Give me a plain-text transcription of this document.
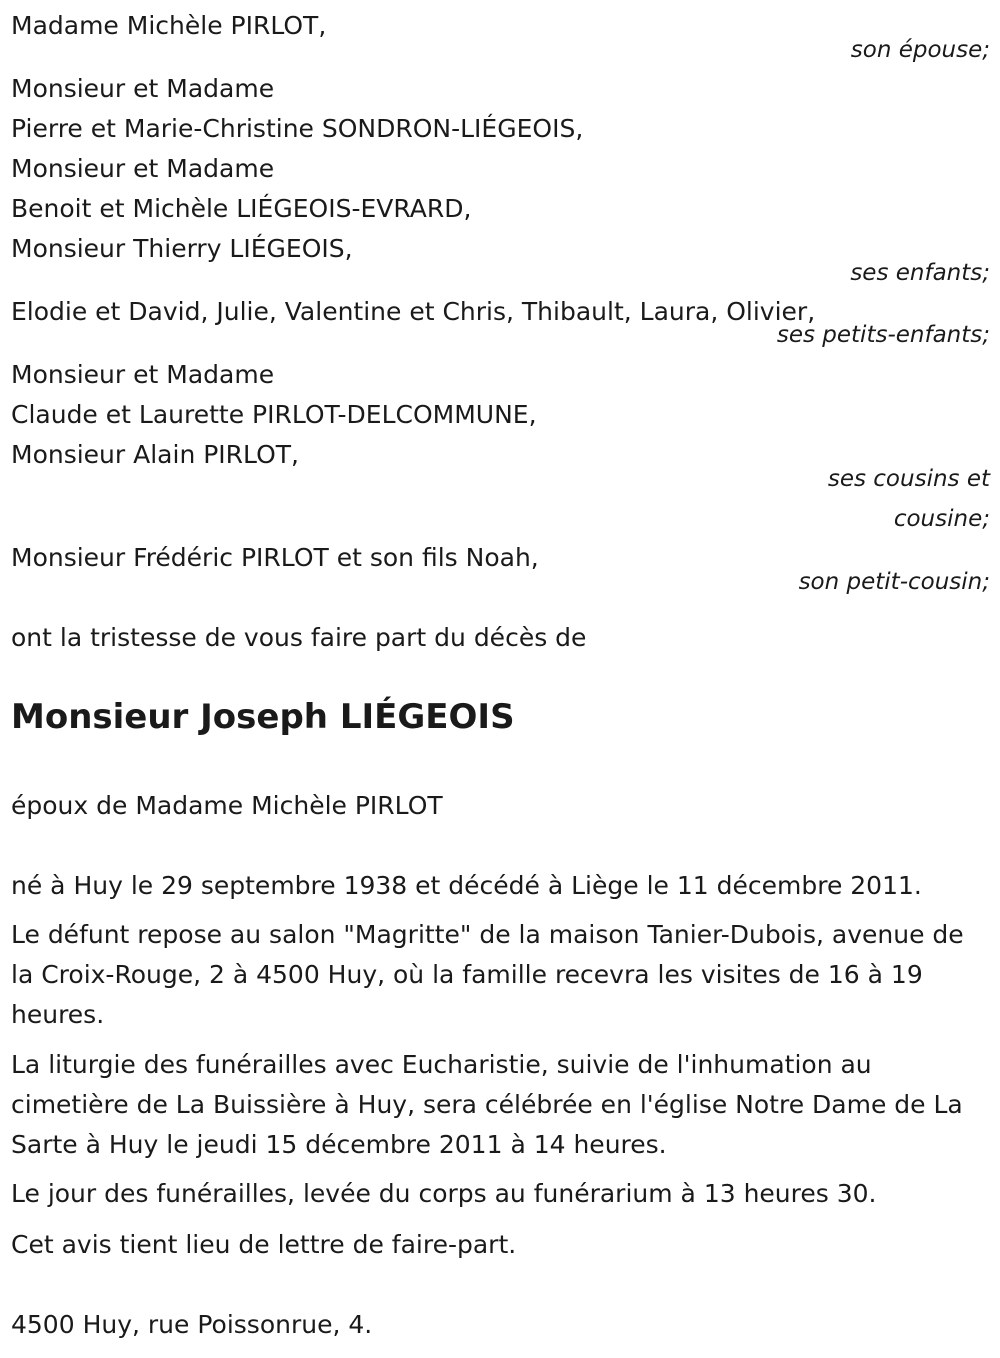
Madame Michèle PIRLOT,
son épouse;
Monsieur et Madame
Pierre et Marie-Christine SONDRON-LIÉGEOIS,
Monsieur et Madame
Benoit et Michèle LIÉGEOIS-EVRARD,
Monsieur Thierry LIÉGEOIS,
ses enfants;
Elodie et David, Julie, Valentine et Chris, Thibault, Laura, Olivier,
ses petits-enfants;
Monsieur et Madame
Claude et Laurette PIRLOT-DELCOMMUNE,
Monsieur Alain PIRLOT,
ses cousins et
cousine;
Monsieur Frédéric PIRLOT et son fils Noah,
son petit-cousin;
ont la tristesse de vous faire part du décès de
Monsieur Joseph LIÉGEOIS
époux de Madame Michèle PIRLOT

né à Huy le 29 septembre 1938 et décédé à Liège le 11 décembre 2011.

Le défunt repose au salon "Magritte" de la maison Tanier-Dubois, avenue de la Croix-Rouge, 2 à 4500 Huy, où la famille recevra les visites de 16 à 19 heures.

La liturgie des funérailles avec Eucharistie, suivie de l'inhumation au cimetière de La Buissière à Huy, sera célébrée en l'église Notre Dame de La Sarte à Huy le jeudi 15 décembre 2011 à 14 heures.

Le jour des funérailles, levée du corps au funérarium à 13 heures 30.

Cet avis tient lieu de lettre de faire-part.

4500 Huy, rue Poissonrue, 4.
